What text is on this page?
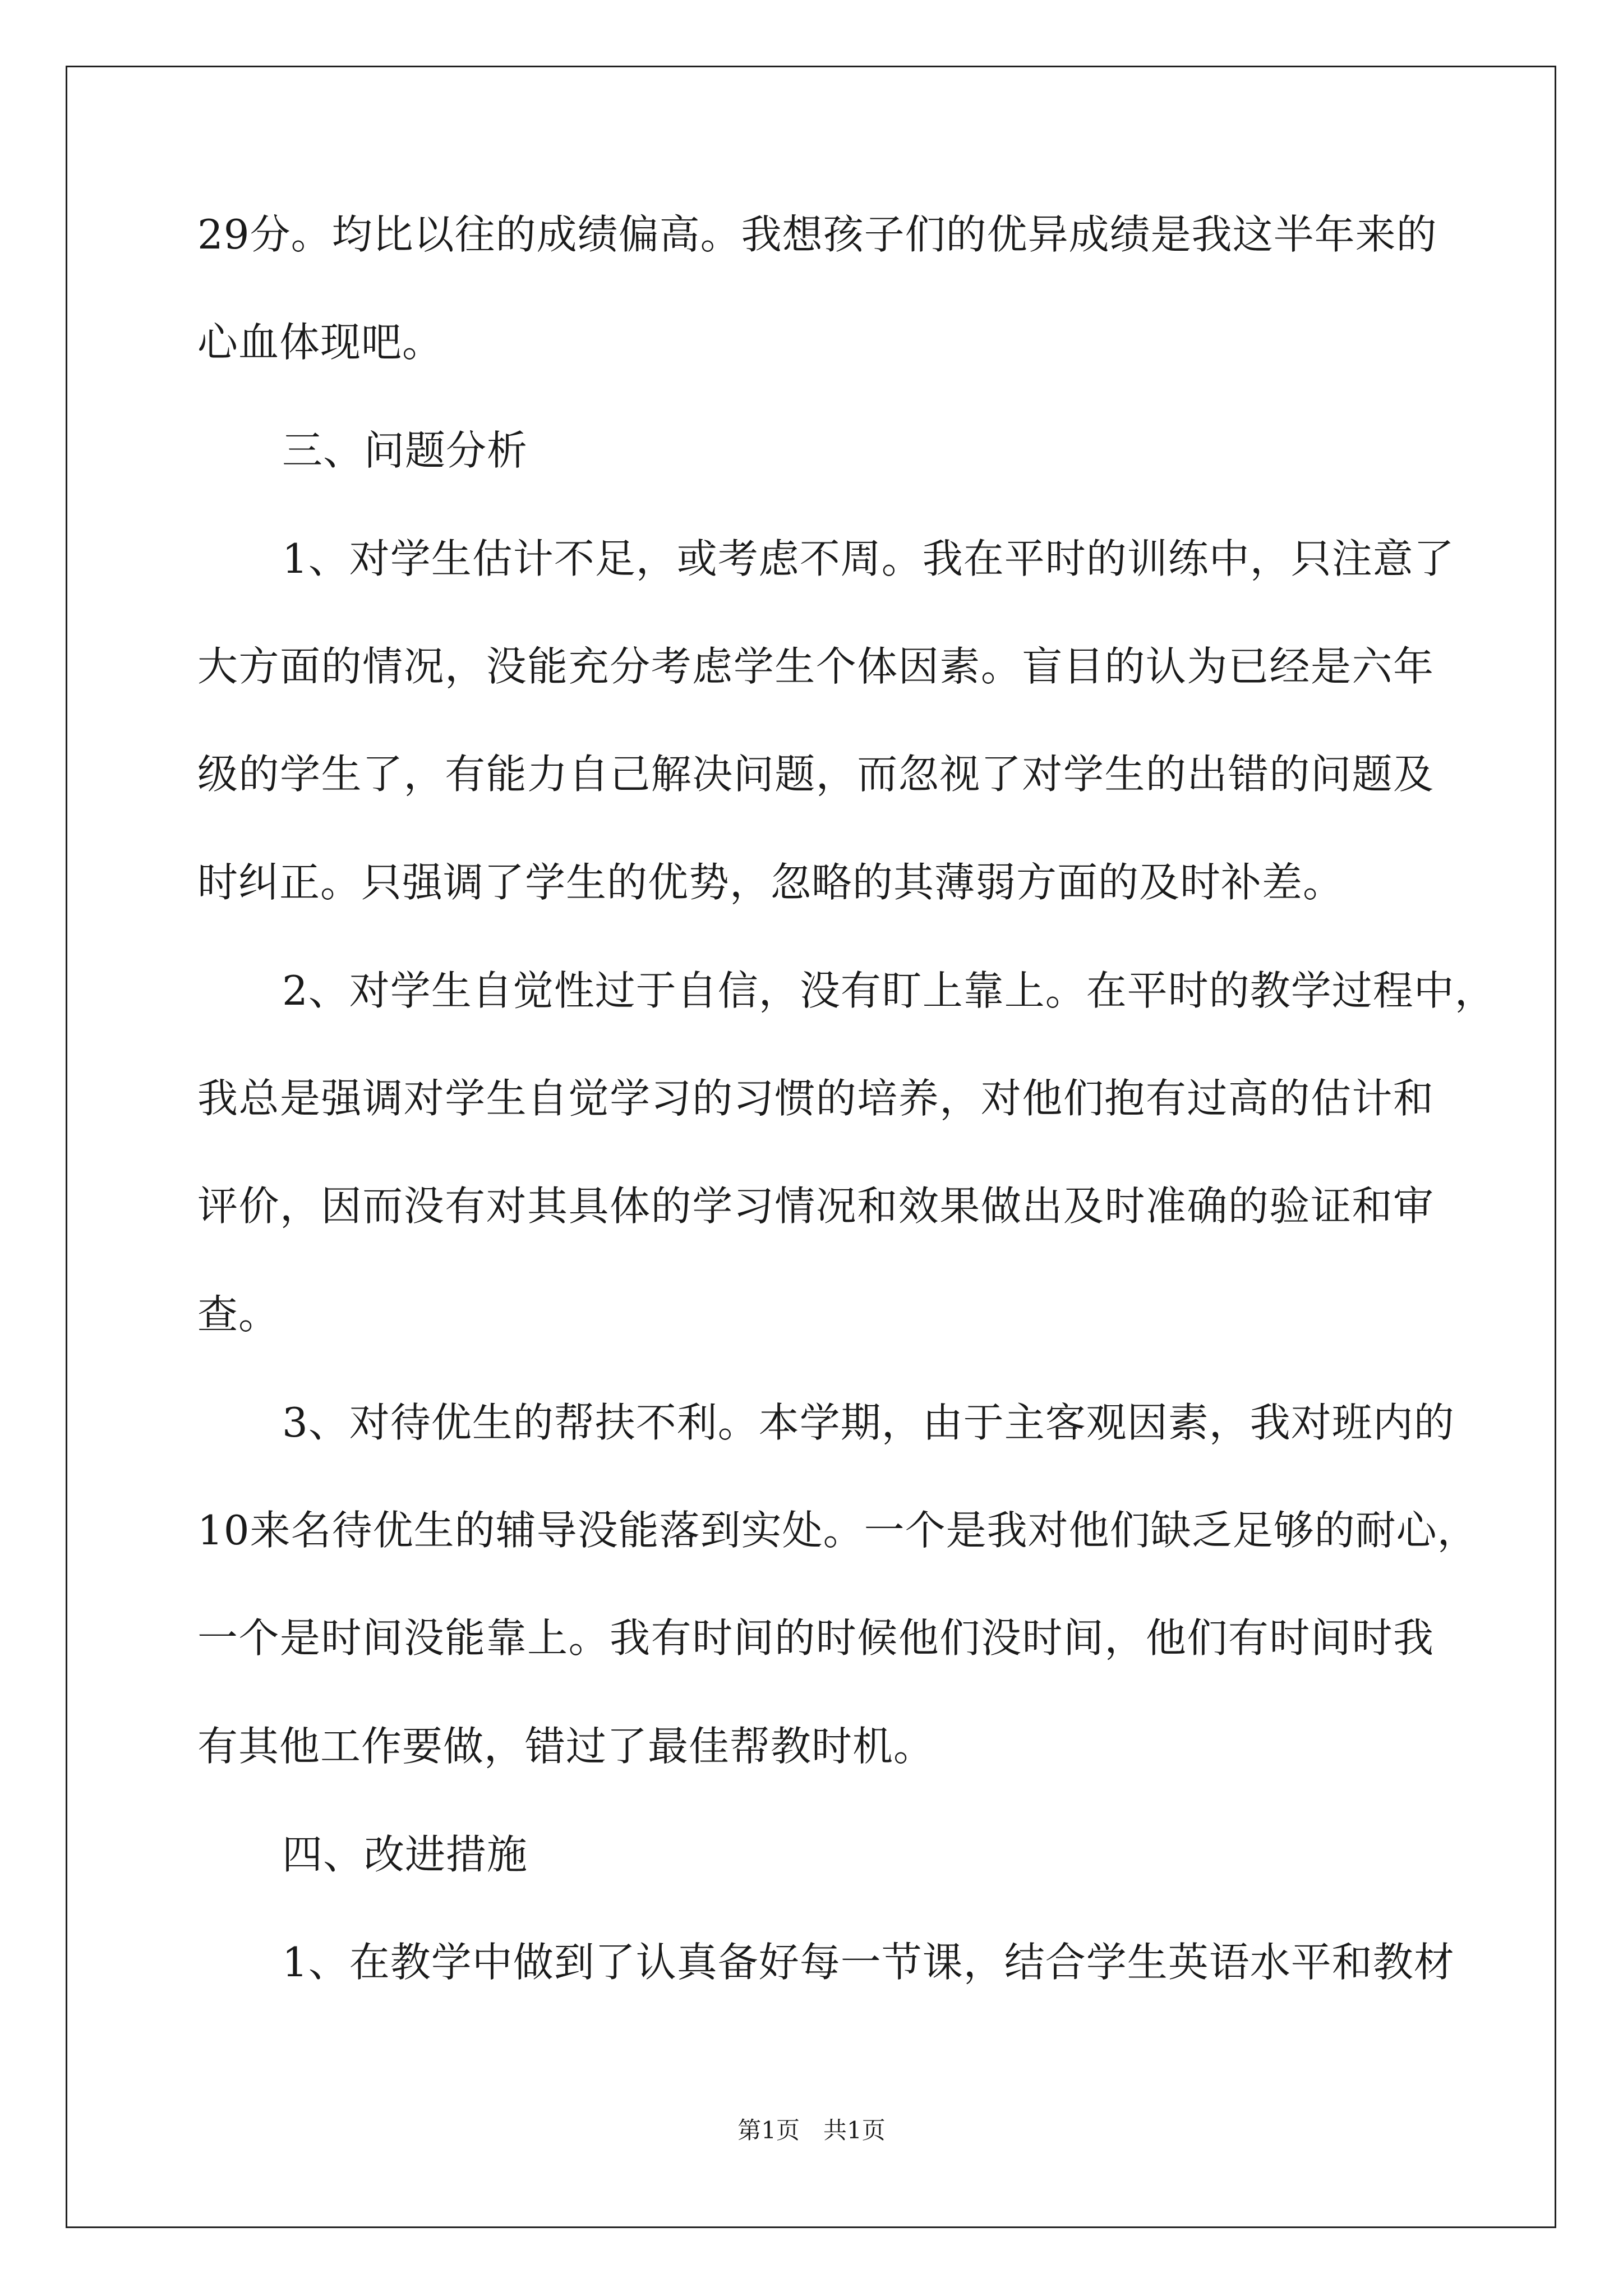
29分。均比以往的成绩偏高。我想孩子们的优异成绩是我这半年来的
心血体现吧。
三、问题分析
1、对学生估计不足，或考虑不周。我在平时的训练中，只注意了
大方面的情况，没能充分考虑学生个体因素。盲目的认为已经是六年
级的学生了，有能力自己解决问题，而忽视了对学生的出错的问题及
时纠正。只强调了学生的优势，忽略的其薄弱方面的及时补差。
2、对学生自觉性过于自信，没有盯上靠上。在平时的教学过程中，
我总是强调对学生自觉学习的习惯的培养，对他们抱有过高的估计和
评价，因而没有对其具体的学习情况和效果做出及时准确的验证和审
查。
3、对待优生的帮扶不利。本学期，由于主客观因素，我对班内的
10来名待优生的辅导没能落到实处。一个是我对他们缺乏足够的耐心，
一个是时间没能靠上。我有时间的时候他们没时间，他们有时间时我
有其他工作要做，错过了最佳帮教时机。
四、改进措施
1、在教学中做到了认真备好每一节课，结合学生英语水平和教材
第1页　共1页
